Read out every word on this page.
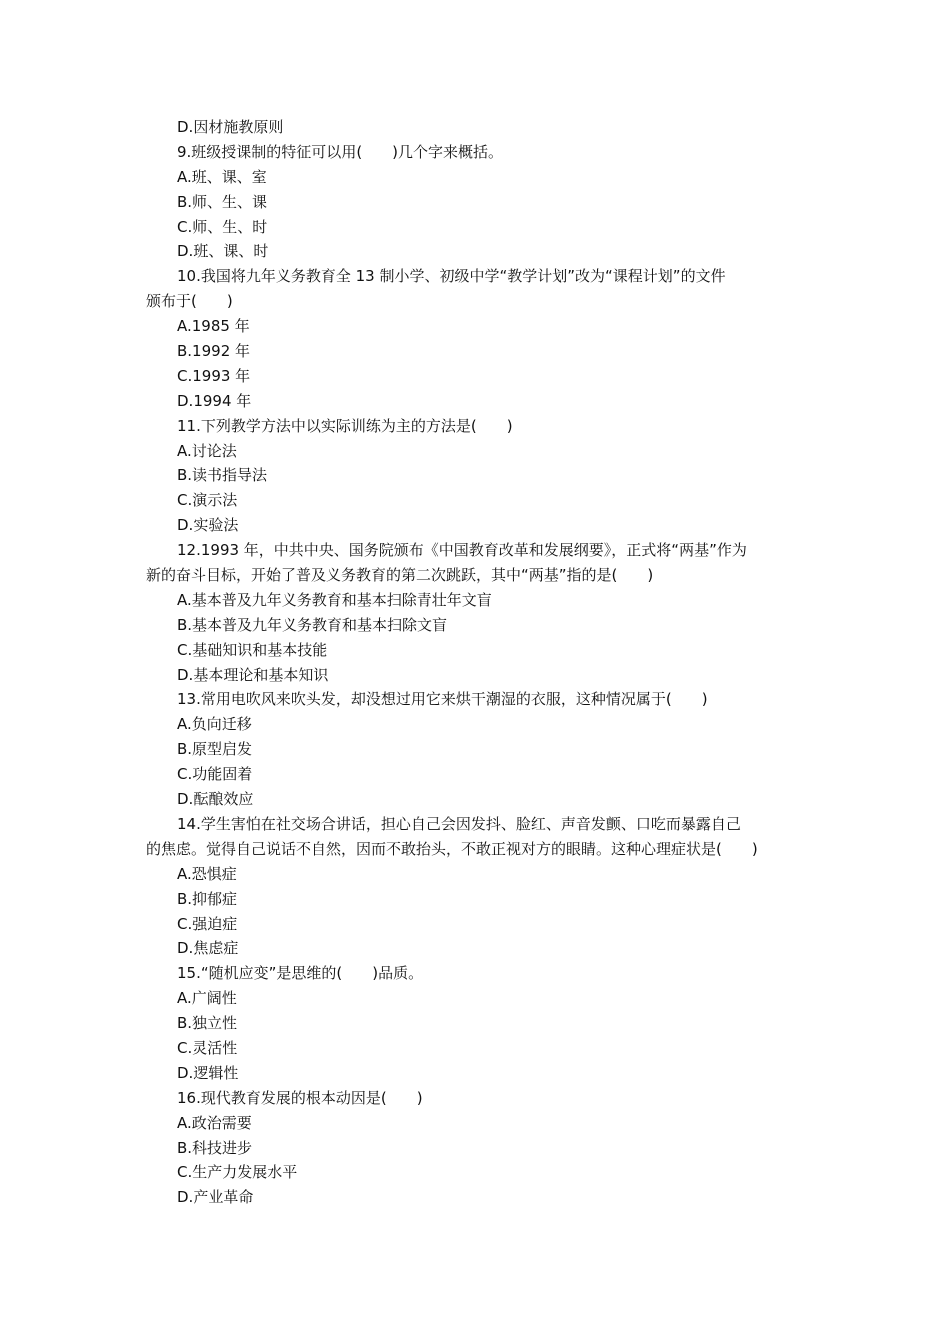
D.因材施教原则
9.班级授课制的特征可以用(　　)几个字来概括。
A.班、课、室
B.师、生、课
C.师、生、时
D.班、课、时
10.我国将九年义务教育全 13 制小学、初级中学“教学计划”改为“课程计划”的文件
颁布于(　　)
A.1985 年
B.1992 年
C.1993 年
D.1994 年
11.下列教学方法中以实际训练为主的方法是(　　)
A.讨论法
B.读书指导法
C.演示法
D.实验法
12.1993 年，中共中央、国务院颁布《中国教育改革和发展纲要》，正式将“两基”作为
新的奋斗目标，开始了普及义务教育的第二次跳跃，其中“两基”指的是(　　)
A.基本普及九年义务教育和基本扫除青壮年文盲
B.基本普及九年义务教育和基本扫除文盲
C.基础知识和基本技能
D.基本理论和基本知识
13.常用电吹风来吹头发，却没想过用它来烘干潮湿的衣服，这种情况属于(　　)
A.负向迁移
B.原型启发
C.功能固着
D.酝酿效应
14.学生害怕在社交场合讲话，担心自己会因发抖、脸红、声音发颤、口吃而暴露自己
的焦虑。觉得自己说话不自然，因而不敢抬头，不敢正视对方的眼睛。这种心理症状是(　　)
A.恐惧症
B.抑郁症
C.强迫症
D.焦虑症
15.“随机应变”是思维的(　　)品质。
A.广阔性
B.独立性
C.灵活性
D.逻辑性
16.现代教育发展的根本动因是(　　)
A.政治需要
B.科技进步
C.生产力发展水平
D.产业革命
